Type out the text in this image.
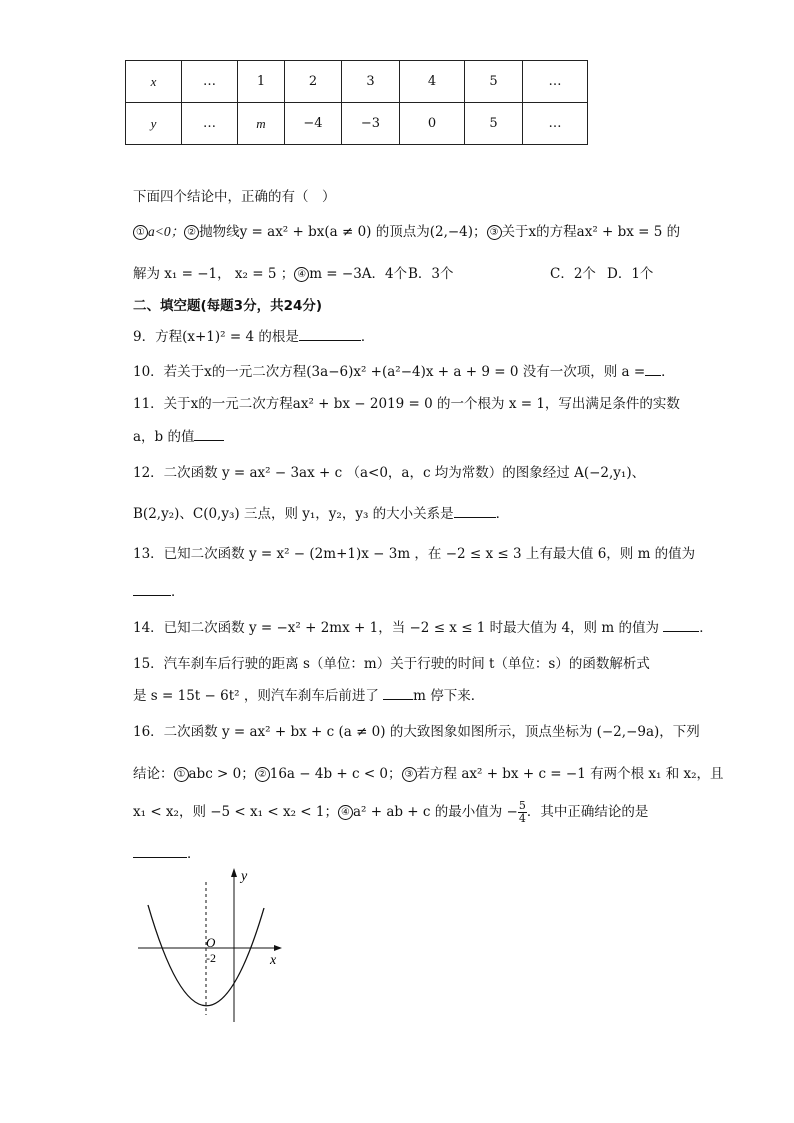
x	…	1	2	3	4	5	…
y	…	m	−4	−3	0	5	…
下面四个结论中，正确的有（　）
① a<0； ② 抛物线y = ax² + bx(a ≠ 0) 的顶点为(2,−4)； ③ 关于x的方程ax² + bx = 5 的
解为 x₁ = −1， x₂ = 5 ； ④ m = −3A．4个 B．3个	C．2个 D．1个
二、填空题(每题3分，共24分)
9．方程(x+1)² = 4 的根是	．
10．若关于x的一元二次方程(3a−6)x² +(a²−4)x + a + 9 = 0 没有一次项，则 a = ．
11．关于x的一元二次方程ax² + bx − 2019 = 0 的一个根为 x = 1，写出满足条件的实数
a，b 的值
12．二次函数 y = ax² − 3ax + c （a<0，a，c 均为常数）的图象经过 A(−2,y₁)、
B(2,y₂)、C(0,y₃) 三点，则 y₁，y₂，y₃ 的大小关系是	．
13．已知二次函数 y = x² − (2m+1)x − 3m ，在 −2 ≤ x ≤ 3 上有最大值 6，则 m 的值为
．
14．已知二次函数 y = −x² + 2mx + 1，当 −2 ≤ x ≤ 1 时最大值为 4，则 m 的值为	．
15．汽车刹车后行驶的距离 s（单位：m）关于行驶的时间 t（单位：s）的函数解析式
是 s = 15t − 6t² ，则汽车刹车后前进了	m 停下来．
16．二次函数 y = ax² + bx + c (a ≠ 0) 的大致图象如图所示，顶点坐标为 (−2,−9a)，下列
结论： ① abc > 0； ② 16a − 4b + c < 0； ③ 若方程 ax² + bx + c = −1 有两个根 x₁ 和 x₂，且
x₁ < x₂，则 −5 < x₁ < x₂ < 1； ④ a² + ab + c 的最小值为 − $\frac{5}{4}$ ．其中正确结论的是
．
y
x
O
-2
